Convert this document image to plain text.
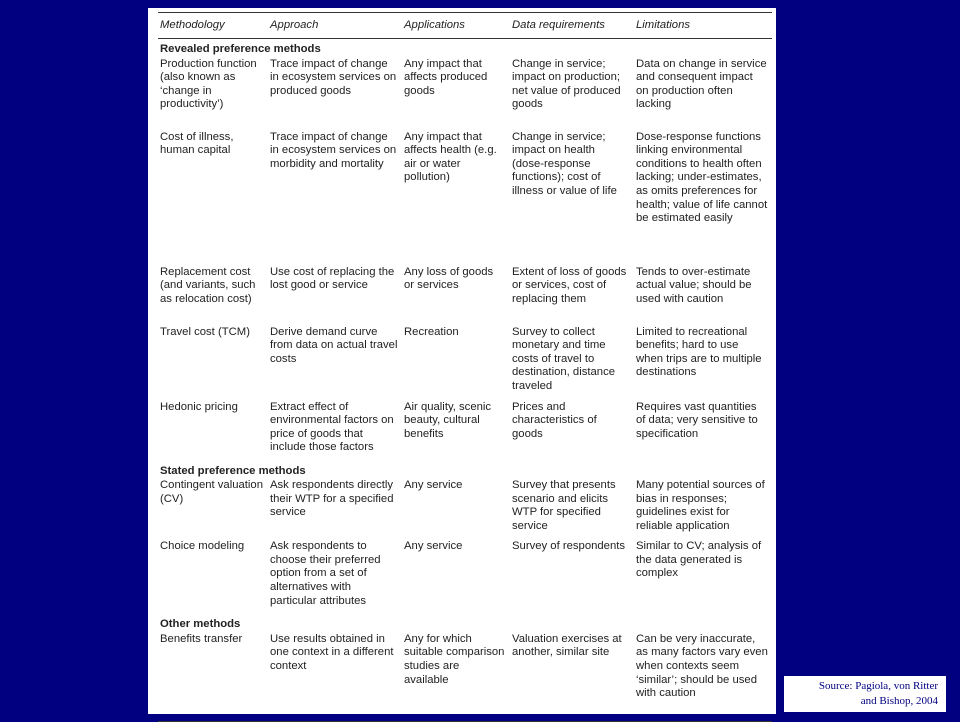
Methodology	Approach	Applications	Data requirements	Limitations
Revealed preference methods				
Production function (also known as ‘change in productivity’)	Trace impact of change in ecosystem services on produced goods	Any impact that affects produced goods	Change in service; impact on production; net value of produced goods	Data on change in service and consequent impact on production often lacking
Cost of illness, human capital	Trace impact of change in ecosystem services on morbidity and mortality	Any impact that affects health (e.g. air or water pollution)	Change in service; impact on health (dose-response functions); cost of illness or value of life	Dose-response functions linking environmental conditions to health often lacking; under-estimates, as omits preferences for health; value of life cannot be estimated easily
Replacement cost (and variants, such as relocation cost)	Use cost of replacing the lost good or service	Any loss of goods or services	Extent of loss of goods or services, cost of replacing them	Tends to over-estimate actual value; should be used with caution
Travel cost (TCM)	Derive demand curve from data on actual travel costs	Recreation	Survey to collect monetary and time costs of travel to destination, distance traveled	Limited to recreational benefits; hard to use when trips are to multiple destinations
Hedonic pricing	Extract effect of environmental factors on price of goods that include those factors	Air quality, scenic beauty, cultural benefits	Prices and characteristics of goods	Requires vast quantities of data; very sensitive to specification
Stated preference methods				
Contingent valuation (CV)	Ask respondents directly their WTP for a specified service	Any service	Survey that presents scenario and elicits WTP for specified service	Many potential sources of bias in responses; guidelines exist for reliable application
Choice modeling	Ask respondents to choose their preferred option from a set of alternatives with particular attributes	Any service	Survey of respondents	Similar to CV; analysis of the data generated is complex
Other methods				
Benefits transfer	Use results obtained in one context in a different context	Any for which suitable comparison studies are available	Valuation exercises at another, similar site	Can be very inaccurate, as many factors vary even when contexts seem ‘similar’; should be used with caution
Source: Pagiola, von Ritter
and Bishop, 2004
